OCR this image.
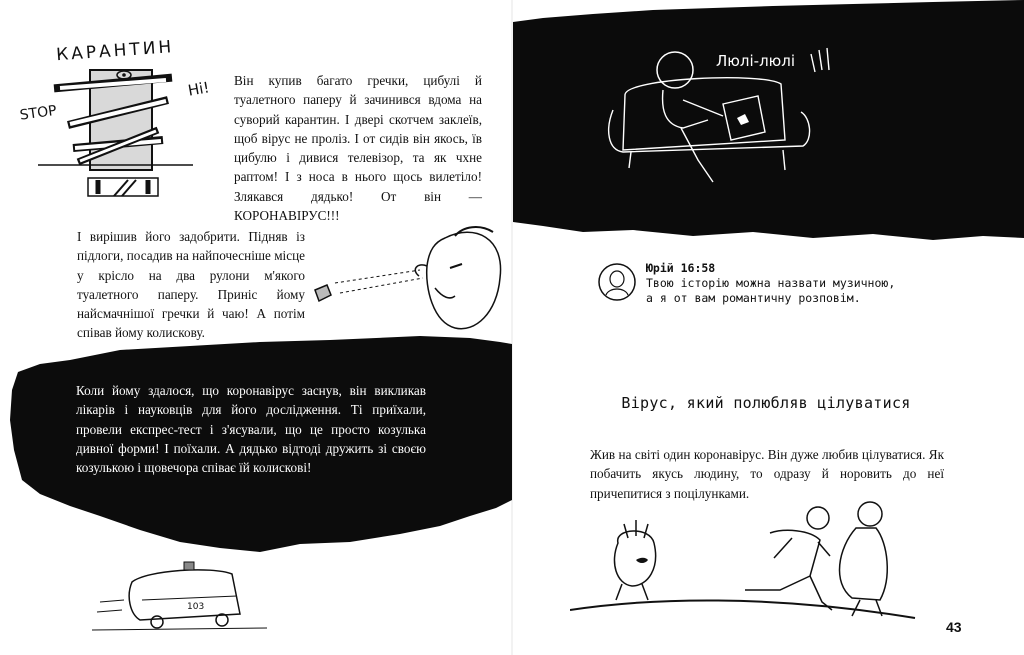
КАРАНТИН
STOP
Hi! Він купив багато гречки, цибулі й туалетного паперу й зачинився вдома на суворий карантин. І двері скотчем заклеїв, щоб вірус не проліз. І от сидів він якось, їв цибулю і дивися телевізор, та як чхне раптом! І з носа в нього щось вилетіло! Злякався дядько! От він — КОРОНАВІРУС!!!

І вирішив його задобрити. Підняв із підлоги, посадив на найпочесніше місце у крісло на два рулони м'якого туалетного паперу. Приніс йому найсмачнішої гречки й чаю! А потім співав йому колискову.

Коли йому здалося, що коронавірус заснув, він викликав лікарів і науковців для його дослідження. Ті приїхали, провели експрес-тест і з'ясували, що це просто козулька дивної форми! І поїхали. А дядько відтоді дружить зі своєю козулькою і щовечора співає їй колискові!

103
Люлі-люлі
Юрій 16:58
Твою історію можна назвати музичною,
а я от вам романтичну розповім.
Вірус, який полюбляв цілуватися

Жив на світі один коронавірус. Він дуже любив цілуватися. Як побачить якусь людину, то одразу й норовить до неї причепитися з поцілунками.

43
